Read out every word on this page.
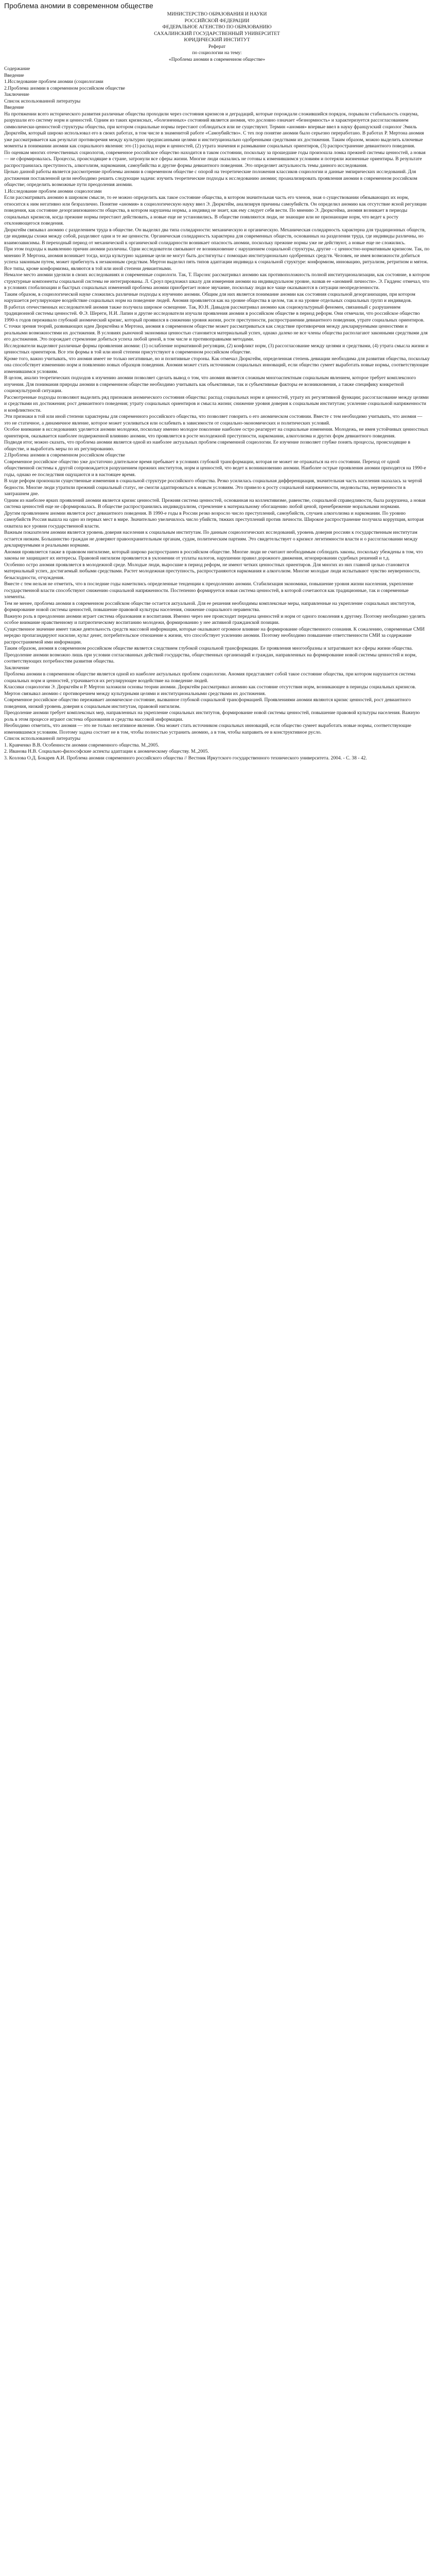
Проблема аномии в современном обществе
МИНИСТЕРСТВО ОБРАЗОВАНИЯ И НАУКИ
РОССИЙСКОЙ ФЕДЕРАЦИИ
ФЕДЕРАЛЬНОЕ АГЕНСТВО ПО ОБРАЗОВАНИЮ
САХАЛИНСКИЙ ГОСУДАРСТВЕННЫЙ УНИВЕРСИТЕТ
ЮРИДИЧЕСКИЙ ИНСТИТУТ
Реферат
по социологии на тему:
«Проблема аномии в современном обществе»
Содержание
Введение
1.Исследование проблем аномии (социологами
2.Проблема аномии в современном российском обществе
Заключение
Список использованной литературы
Введение

На протяжении всего исторического развития различные общества проходили через состояния кризисов и деградаций, которые порождали сложившийся порядок, порывали стабильность социума, разрушали его систему норм и ценностей. Одним из таких кризисных, «болезненных» состояний является аномия, что дословно означает «безнормность» и характеризуется рассогласованием символически-ценностной структуры общества, при котором социальные нормы перестают соблюдаться или не существуют. Термин «аномия» впервые ввел в науку французский социолог Эмиль Дюркгейм, который широко использовал его в своих работах, в том числе в знаменитой работе «Самоубийство». С тех пор понятие аномии было серьезно переработано. В работах Р. Мертона аномия уже рассматривается как результат противоречия между культурно предписанными целями и институционально одобренными средствами их достижения. Таким образом, можно выделить ключевые моменты в понимании аномии как социального явления: это (1) распад норм и ценностей, (2) утрата значения и размывание социальных ориентиров, (3) распространение девиантного поведения.

По оценкам многих отечественных социологов, современное российское общество находится в таком состоянии, поскольку за прошедшие годы произошла ломка прежней системы ценностей, а новая — не сформировалась. Процессы, происходящие в стране, затронули все сферы жизни. Многие люди оказались не готовы к изменившимся условиям и потеряли жизненные ориентиры. В результате распространилась преступность, алкоголизм, наркомания, самоубийства и другие формы девиантного поведения. Это определяет актуальность темы данного исследования.

Целью данной работы является рассмотрение проблемы аномии в современном обществе с опорой на теоретические положения классиков социологии и данные эмпирических исследований. Для достижения поставленной цели необходимо решить следующие задачи: изучить теоретические подходы к исследованию аномии; проанализировать проявления аномии в современном российском обществе; определить возможные пути преодоления аномии.

1.Исследование проблем аномии социологами

Если рассматривать аномию в широком смысле, то ее можно определить как такое состояние общества, в котором значительная часть его членов, зная о существовании обязывающих их норм, относится к ним негативно или безразлично. Понятие «аномия» в социологическую науку ввел Э. Дюркгейм, анализируя причины самоубийств. Он определил аномию как отсутствие ясной регуляции поведения, как состояние дезорганизованности общества, в котором нарушены нормы, а индивид не знает, как ему следует себя вести. По мнению Э. Дюркгейма, аномия возникает в периоды социальных кризисов, когда прежние нормы перестают действовать, а новые еще не установились. В обществе появляются люди, не знающие или не признающие норм, что ведет к росту отклоняющегося поведения.

Дюркгейм связывал аномию с разделением труда в обществе. Он выделял два типа солидарности: механическую и органическую. Механическая солидарность характерна для традиционных обществ, где индивиды схожи между собой, разделяют одни и те же ценности. Органическая солидарность характерна для современных обществ, основанных на разделении труда, где индивиды различны, но взаимозависимы. В переходный период от механической к органической солидарности возникает опасность аномии, поскольку прежние нормы уже не действуют, а новые еще не сложились.

При этом подходы к выявлению причин аномии различны. Одни исследователи связывают ее возникновение с нарушением социальной структуры, другие - с ценностно-нормативным кризисом. Так, по мнению Р. Мертона, аномия возникает тогда, когда культурно заданные цели не могут быть достигнуты с помощью институционально одобренных средств. Человек, не имея возможности добиться успеха законным путем, может прибегнуть к незаконным средствам. Мертон выделил пять типов адаптации индивида к социальной структуре: конформизм, инновацию, ритуализм, ретритизм и мятеж. Все типы, кроме конформизма, являются в той или иной степени девиантными.

Немалое место аномии уделяли в своих исследованиях и современные социологи. Так, Т. Парсонс рассматривал аномию как противоположность полной институционализации, как состояние, в котором структурные компоненты социальной системы не интегрированы. Л. Сроул предложил шкалу для измерения аномии на индивидуальном уровне, назвав ее «аномией личности». Э. Гидденс отмечал, что в условиях глобализации и быстрых социальных изменений проблема аномии приобретает новое звучание, поскольку люди все чаще оказываются в ситуации неопределенности.

Таким образом, в социологической науке сложились различные подходы к изучению аномии. Общим для них является понимание аномии как состояния социальной дезорганизации, при котором нарушается регулирующее воздействие социальных норм на поведение людей. Аномия проявляется как на уровне общества в целом, так и на уровне отдельных социальных групп и индивидов.

В работах отечественных исследователей аномия также получила широкое освещение. Так, Ю.Н. Давыдов рассматривал аномию как социокультурный феномен, связанный с разрушением традиционной системы ценностей. Ф.Э. Шереги, Н.И. Лапин и другие исследователи изучали проявления аномии в российском обществе в период реформ. Они отмечали, что российское общество 1990-х годов переживало глубокий аномический кризис, который проявился в снижении уровня жизни, росте преступности, распространении девиантного поведения, утрате социальных ориентиров.

С точки зрения теорий, развивающих идеи Дюркгейма и Мертона, аномия в современном обществе может рассматриваться как следствие противоречия между декларируемыми ценностями и реальными возможностями их достижения. В условиях рыночной экономики ценностью становится материальный успех, однако далеко не все члены общества располагают законными средствами для его достижения. Это порождает стремление добиться успеха любой ценой, в том числе и противоправными методами.

Исследователи выделяют различные формы проявления аномии: (1) ослабление нормативной регуляции, (2) конфликт норм, (3) рассогласование между целями и средствами, (4) утрата смысла жизни и ценностных ориентиров. Все эти формы в той или иной степени присутствуют в современном российском обществе.

Кроме того, важно учитывать, что аномия имеет не только негативные, но и позитивные стороны. Как отмечал Дюркгейм, определенная степень девиации необходима для развития общества, поскольку она способствует изменению норм и появлению новых образцов поведения. Аномия может стать источником социальных инноваций, если общество сумеет выработать новые нормы, соответствующие изменившимся условиям.

В целом, анализ теоретических подходов к изучению аномии позволяет сделать вывод о том, что аномия является сложным многоаспектным социальным явлением, которое требует комплексного изучения. Для понимания природы аномии в современном обществе необходимо учитывать как объективные, так и субъективные факторы ее возникновения, а также специфику конкретной социокультурной ситуации.

Рассмотренные подходы позволяют выделить ряд признаков аномического состояния общества: распад социальных норм и ценностей, утрату их регулятивной функции; рассогласование между целями и средствами их достижения; рост девиантного поведения; утрату социальных ориентиров и смысла жизни; снижение уровня доверия к социальным институтам; усиление социальной напряженности и конфликтности.

Эти признаки в той или иной степени характерны для современного российского общества, что позволяет говорить о его аномическом состоянии. Вместе с тем необходимо учитывать, что аномия — это не статичное, а динамичное явление, которое может усиливаться или ослабевать в зависимости от социально-экономических и политических условий.

Особое внимание в исследованиях уделяется аномии молодежи, поскольку именно молодое поколение наиболее остро реагирует на социальные изменения. Молодежь, не имея устойчивых ценностных ориентиров, оказывается наиболее подверженной влиянию аномии, что проявляется в росте молодежной преступности, наркомании, алкоголизма и других форм девиантного поведения.

Подводя итог, можно сказать, что проблема аномии является одной из наиболее актуальных проблем современной социологии. Ее изучение позволяет глубже понять процессы, происходящие в обществе, и выработать меры по их регулированию.

2.Проблема аномии в современном российском обществе

Современное российское общество уже достаточно длительное время пребывает в условиях глубокой трансформации, которая не может не отражаться на его состоянии. Переход от одной общественной системы к другой сопровождается разрушением прежних институтов, норм и ценностей, что ведет к возникновению аномии. Наиболее острые проявления аномии приходятся на 1990-е годы, однако ее последствия ощущаются и в настоящее время.

В ходе реформ произошли существенные изменения в социальной структуре российского общества. Резко усилилась социальная дифференциация, значительная часть населения оказалась за чертой бедности. Многие люди утратили прежний социальный статус, не смогли адаптироваться к новым условиям. Это привело к росту социальной напряженности, недовольства, неуверенности в завтрашнем дне.

Одним из наиболее ярких проявлений аномии является кризис ценностей. Прежняя система ценностей, основанная на коллективизме, равенстве, социальной справедливости, была разрушена, а новая система ценностей еще не сформировалась. В обществе распространились индивидуализм, стремление к материальному обогащению любой ценой, пренебрежение моральными нормами.

Другим проявлением аномии является рост девиантного поведения. В 1990-е годы в России резко возросло число преступлений, самоубийств, случаев алкоголизма и наркомании. По уровню самоубийств Россия вышла на одно из первых мест в мире. Значительно увеличилось число убийств, тяжких преступлений против личности. Широкое распространение получила коррупция, которая охватила все уровни государственной власти.

Важным показателем аномии является уровень доверия населения к социальным институтам. По данным социологических исследований, уровень доверия россиян к государственным институтам остается низким. Большинство граждан не доверяют правоохранительным органам, судам, политическим партиям. Это свидетельствует о кризисе легитимности власти и о рассогласовании между декларируемыми и реальными нормами.

Аномия проявляется также в правовом нигилизме, который широко распространен в российском обществе. Многие люди не считают необходимым соблюдать законы, поскольку убеждены в том, что законы не защищают их интересы. Правовой нигилизм проявляется в уклонении от уплаты налогов, нарушении правил дорожного движения, игнорировании судебных решений и т.д.

Особенно остро аномия проявляется в молодежной среде. Молодые люди, выросшие в период реформ, не имеют четких ценностных ориентиров. Для многих из них главной целью становится материальный успех, достигаемый любыми средствами. Растет молодежная преступность, распространяются наркомания и алкоголизм. Многие молодые люди испытывают чувство неуверенности, безысходности, отчуждения.

Вместе с тем нельзя не отметить, что в последние годы наметились определенные тенденции к преодолению аномии. Стабилизация экономики, повышение уровня жизни населения, укрепление государственной власти способствуют снижению социальной напряженности. Постепенно формируется новая система ценностей, в которой сочетаются как традиционные, так и современные элементы.

Тем не менее, проблема аномии в современном российском обществе остается актуальной. Для ее решения необходимы комплексные меры, направленные на укрепление социальных институтов, формирование новой системы ценностей, повышение правовой культуры населения, снижение социального неравенства.

Важную роль в преодолении аномии играет система образования и воспитания. Именно через нее происходит передача ценностей и норм от одного поколения к другому. Поэтому необходимо уделять особое внимание нравственному и патриотическому воспитанию молодежи, формированию у нее активной гражданской позиции.

Существенное значение имеет также деятельность средств массовой информации, которые оказывают огромное влияние на формирование общественного сознания. К сожалению, современные СМИ нередко пропагандируют насилие, культ денег, потребительское отношение к жизни, что способствует усилению аномии. Поэтому необходимо повышение ответственности СМИ за содержание распространяемой ими информации.

Таким образом, аномия в современном российском обществе является следствием глубокой социальной трансформации. Ее проявления многообразны и затрагивают все сферы жизни общества. Преодоление аномии возможно лишь при условии согласованных действий государства, общественных организаций и граждан, направленных на формирование новой системы ценностей и норм, соответствующих потребностям развития общества.

Заключение

Проблема аномии в современном обществе является одной из наиболее актуальных проблем социологии. Аномия представляет собой такое состояние общества, при котором нарушается система социальных норм и ценностей, утрачивается их регулирующее воздействие на поведение людей.

Классики социологии Э. Дюркгейм и Р. Мертон заложили основы теории аномии. Дюркгейм рассматривал аномию как состояние отсутствия норм, возникающее в периоды социальных кризисов. Мертон связывал аномию с противоречием между культурными целями и институциональными средствами их достижения.

Современное российское общество переживает аномическое состояние, вызванное глубокой социальной трансформацией. Проявлениями аномии являются кризис ценностей, рост девиантного поведения, низкий уровень доверия к социальным институтам, правовой нигилизм.

Преодоление аномии требует комплексных мер, направленных на укрепление социальных институтов, формирование новой системы ценностей, повышение правовой культуры населения. Важную роль в этом процессе играют система образования и средства массовой информации.

Необходимо отметить, что аномия — это не только негативное явление. Она может стать источником социальных инноваций, если общество сумеет выработать новые нормы, соответствующие изменившимся условиям. Поэтому задача состоит не в том, чтобы полностью устранить аномию, а в том, чтобы направить ее в конструктивное русло.

Список использованной литературы
1. Кравченко В.В. Особенности аномии современного общества. М.,2005.
2. Иванова Н.В. Социально-философские аспекты адаптации к аномическому обществу. М.,2005.
3. Козлова О.Д. Бокарев А.И. Проблема аномии современного российского общества // Вестник Иркутского государственного технического университета. 2004. - С. 38 - 42.
